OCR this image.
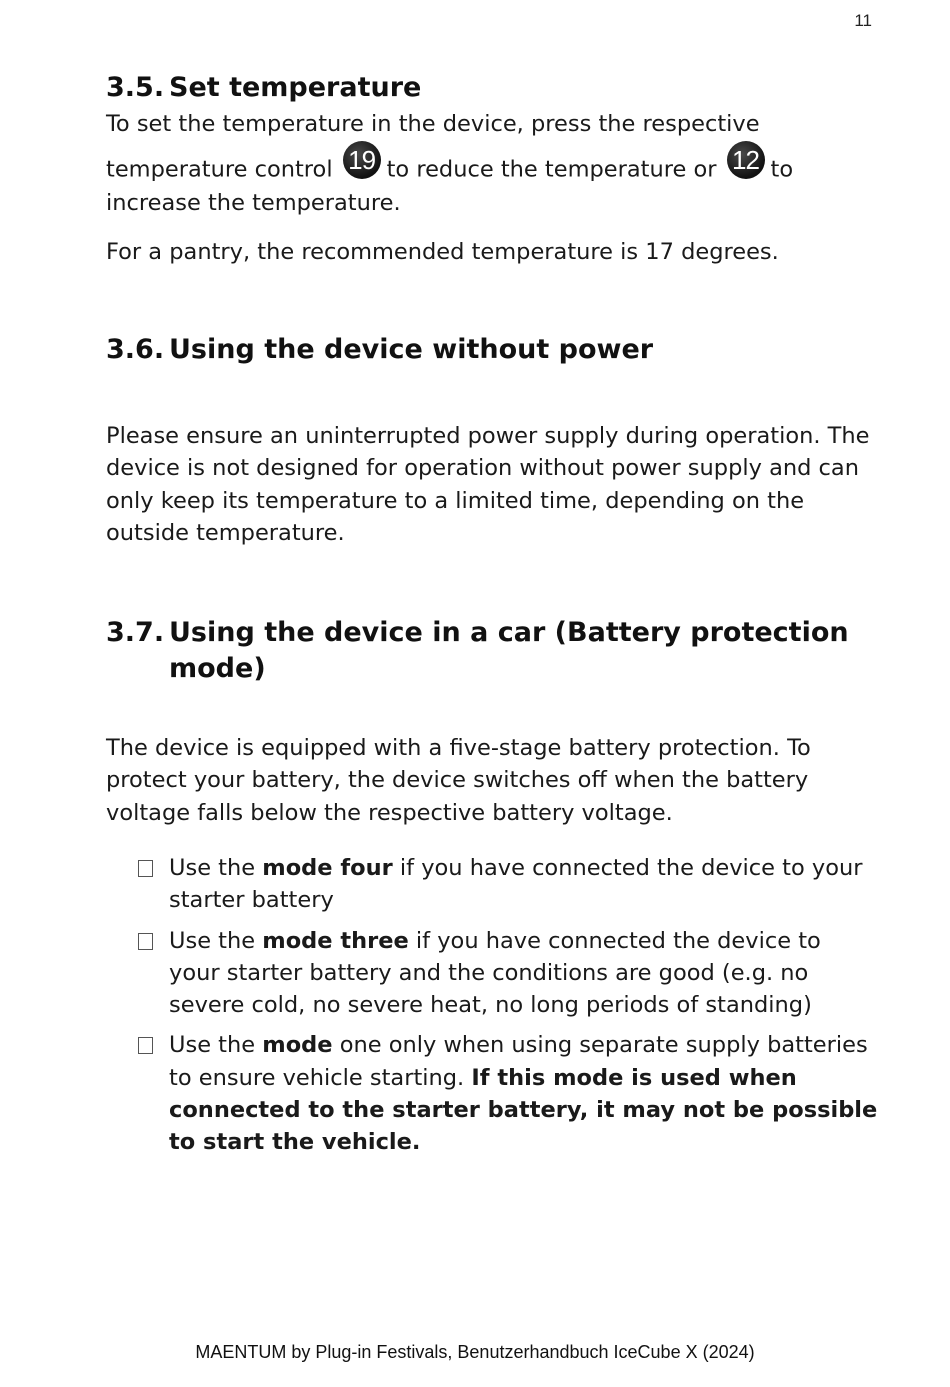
11
3.5. Set temperature

To set the temperature in the device, press the respective temperature control 19 to reduce the temperature or 12 to increase the temperature.

For a pantry, the recommended temperature is 17 degrees.

3.6. Using the device without power

Please ensure an uninterrupted power supply during operation. The device is not designed for operation without power supply and can only keep its temperature to a limited time, depending on the outside temperature.

3.7. Using the device in a car (Battery protection mode)

The device is equipped with a five-stage battery protection. To protect your battery, the device switches off when the battery voltage falls below the respective battery voltage.

Use the mode four if you have connected the device to your starter battery
Use the mode three if you have connected the device to your starter battery and the conditions are good (e.g. no severe cold, no severe heat, no long periods of standing)
Use the mode one only when using separate supply batteries to ensure vehicle starting. If this mode is used when connected to the starter battery, it may not be possible to start the vehicle.
MAENTUM by Plug-in Festivals, Benutzerhandbuch IceCube X (2024)
